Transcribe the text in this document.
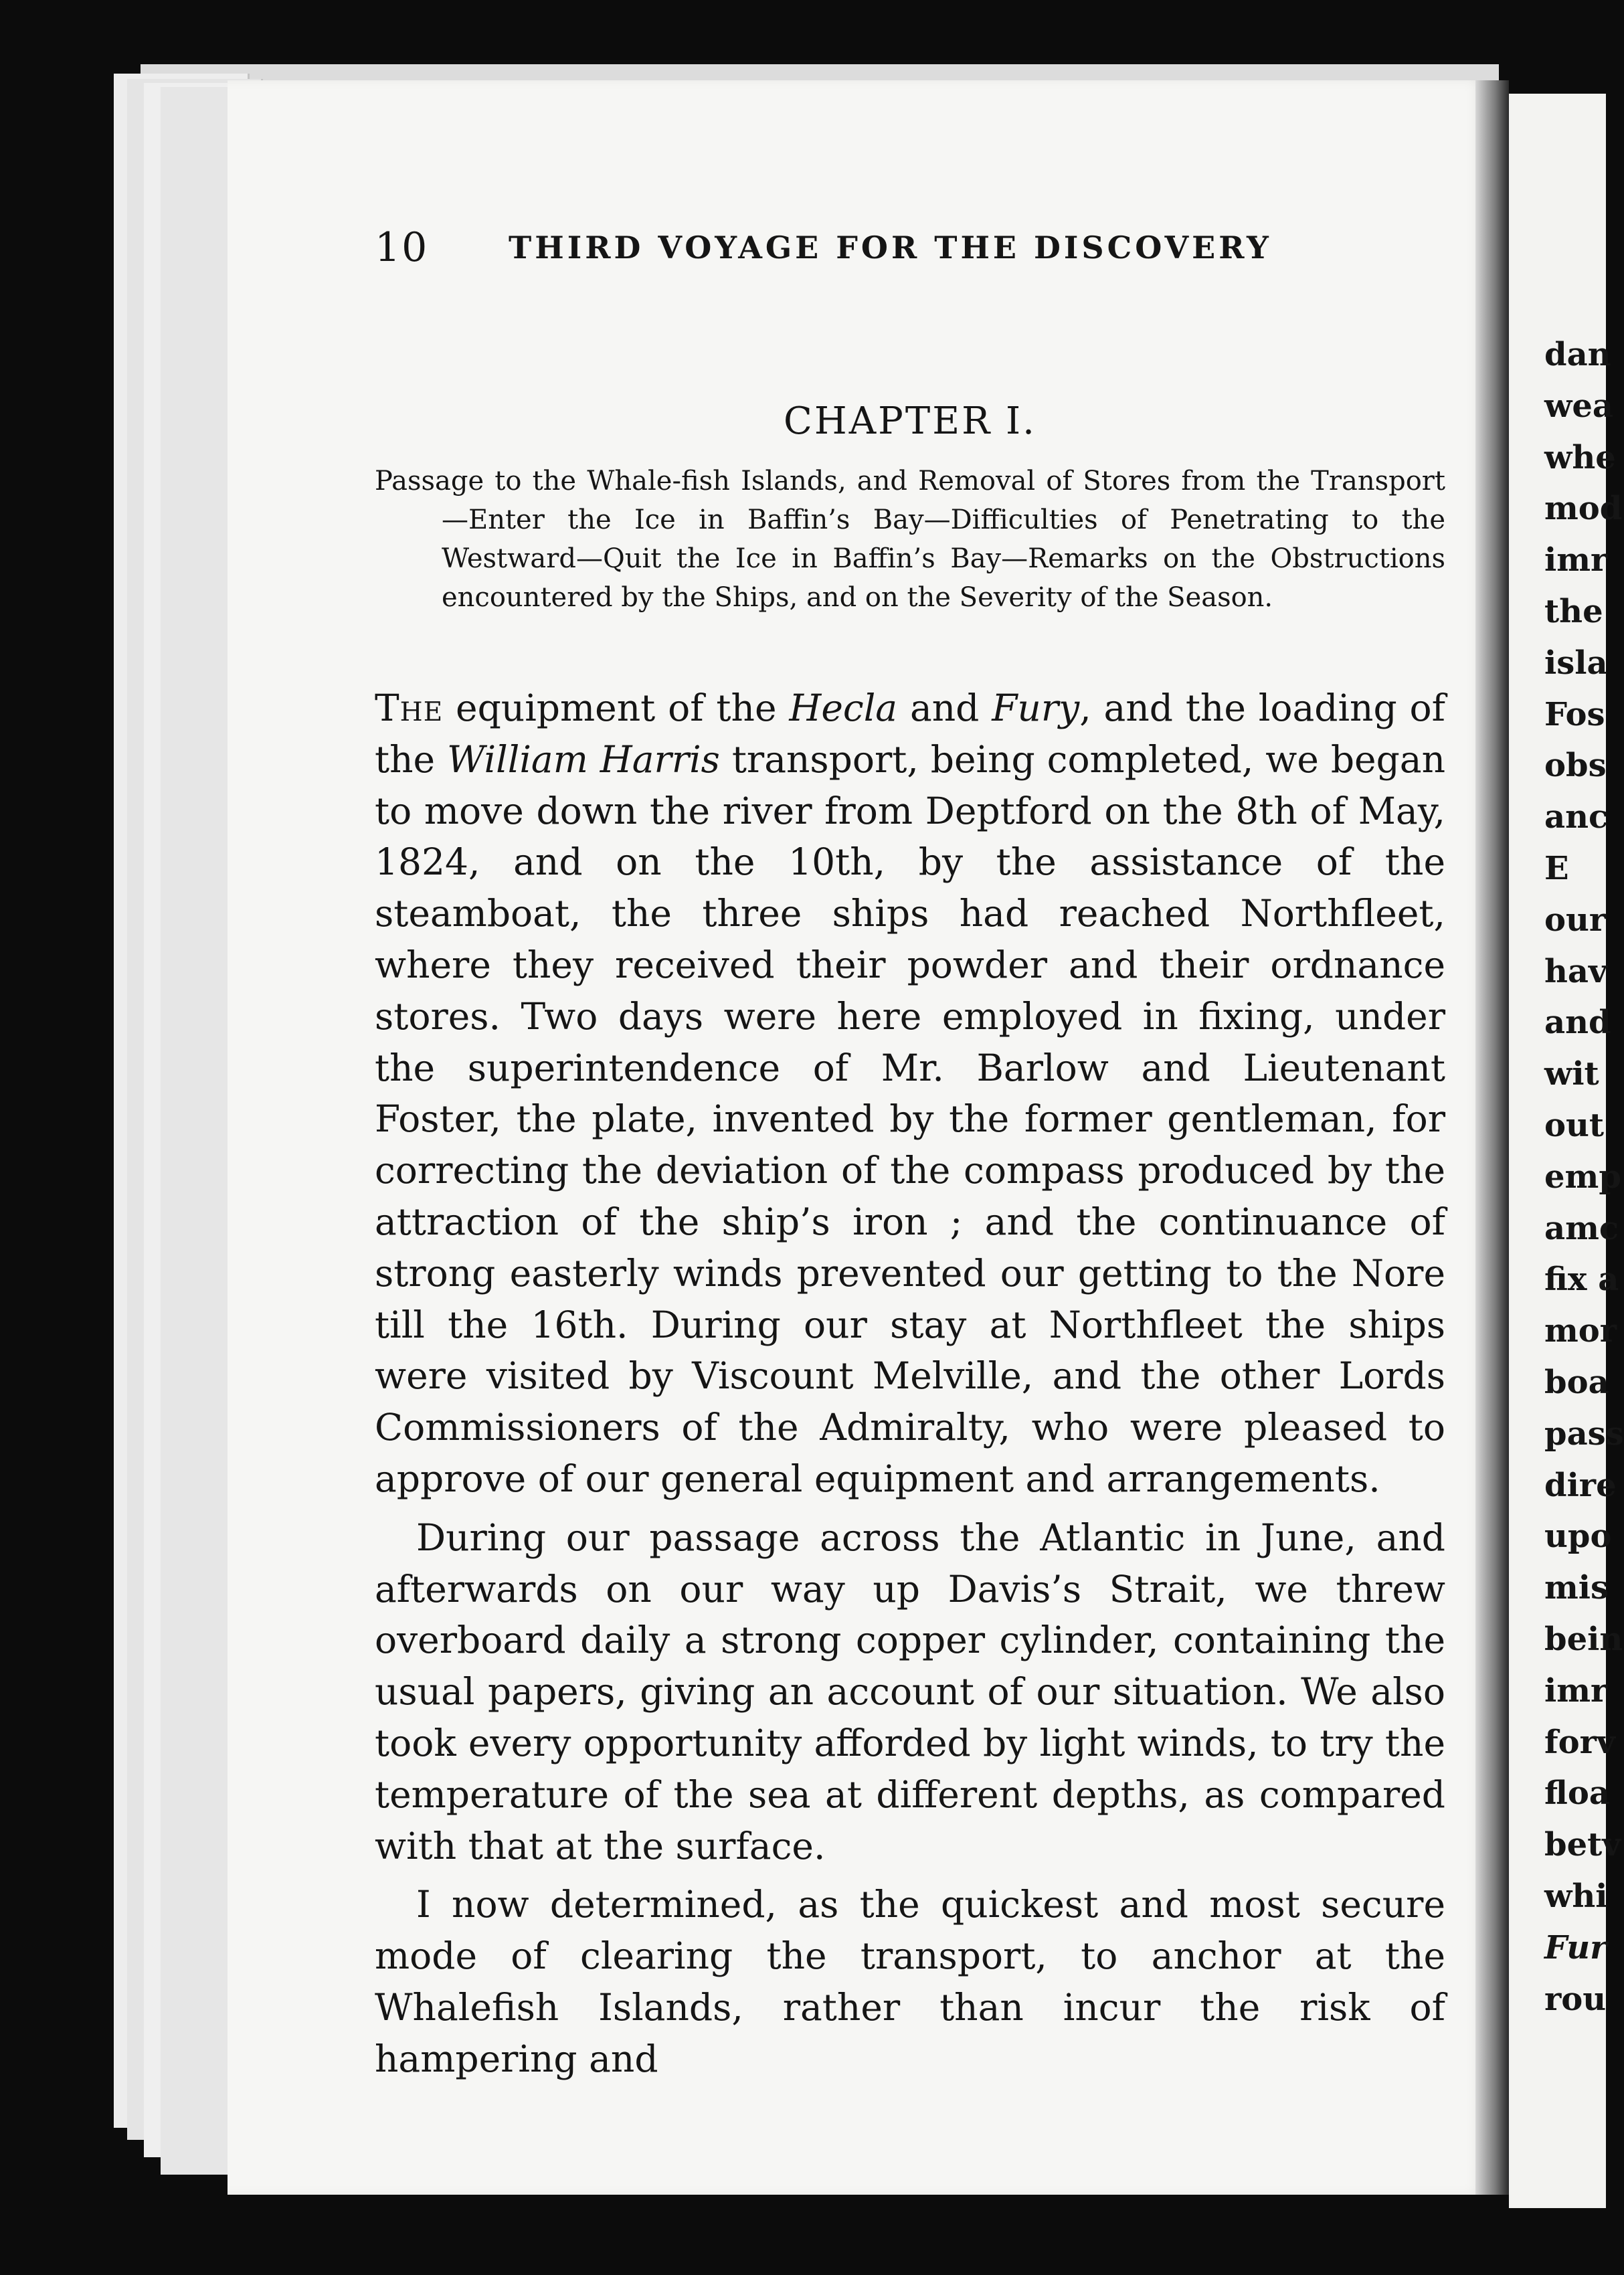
10	THIRD VOYAGE FOR THE DISCOVERY
CHAPTER I.
Passage to the Whale-fish Islands, and Removal of Stores from the Transport—Enter the Ice in Baffin’s Bay—Difficulties of Penetrating to the Westward—Quit the Ice in Baffin’s Bay—Remarks on the Obstructions encountered by the Ships, and on the Severity of the Season.

The equipment of the Hecla and Fury, and the loading of the William Harris transport, being completed, we began to move down the river from Deptford on the 8th of May, 1824, and on the 10th, by the assistance of the steamboat, the three ships had reached Northfleet, where they received their powder and their ordnance stores. Two days were here employed in fixing, under the superintendence of Mr. Barlow and Lieutenant Foster, the plate, invented by the former gentleman, for correcting the deviation of the compass produced by the attraction of the ship’s iron ; and the continuance of strong easterly winds prevented our getting to the Nore till the 16th. During our stay at Northfleet the ships were visited by Viscount Melville, and the other Lords Commissioners of the Admiralty, who were pleased to approve of our general equipment and arrangements.

During our passage across the Atlantic in June, and afterwards on our way up Davis’s Strait, we threw overboard daily a strong copper cylinder, containing the usual papers, giving an account of our situation. We also took every opportunity afforded by light winds, to try the temperature of the sea at different depths, as compared with that at the surface.

I now determined, as the quickest and most secure mode of clearing the transport, to anchor at the Whalefish Islands, rather than incur the risk of hampering and

dan
wea
whe
mod
imr
the
isla
Fos
obs
anc
E
our
hav
and
wit
out
emp
amc
fix a
mor
boa
pass
dire
upo
mis
bein
imr
forv
floa
betv
whi
Fur
rou
